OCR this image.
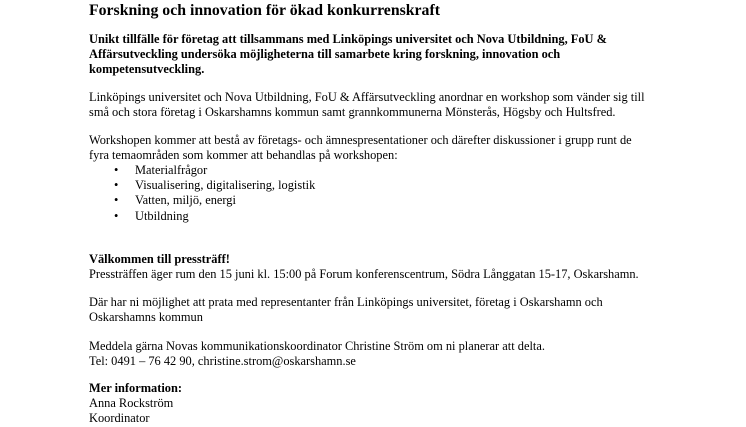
Forskning och innovation för ökad konkurrenskraft

Unikt tillfälle för företag att tillsammans med Linköpings universitet och Nova Utbildning, FoU &
Affärsutveckling undersöka möjligheterna till samarbete kring forskning, innovation och
kompetensutveckling.

Linköpings universitet och Nova Utbildning, FoU & Affärsutveckling anordnar en workshop som vänder sig till
små och stora företag i Oskarshamns kommun samt grannkommunerna Mönsterås, Högsby och Hultsfred.

Workshopen kommer att bestå av företags- och ämnespresentationer och därefter diskussioner i grupp runt de
fyra temaområden som kommer att behandlas på workshopen:

• Materialfrågor
• Visualisering, digitalisering, logistik
• Vatten, miljö, energi
• Utbildning

Välkommen till pressträff!
Pressträffen äger rum den 15 juni kl. 15:00 på Forum konferenscentrum, Södra Långgatan 15-17, Oskarshamn.

Där har ni möjlighet att prata med representanter från Linköpings universitet, företag i Oskarshamn och
Oskarshamns kommun

Meddela gärna Novas kommunikationskoordinator Christine Ström om ni planerar att delta.
Tel: 0491 – 76 42 90, christine.strom@oskarshamn.se

Mer information:
Anna Rockström
Koordinator
